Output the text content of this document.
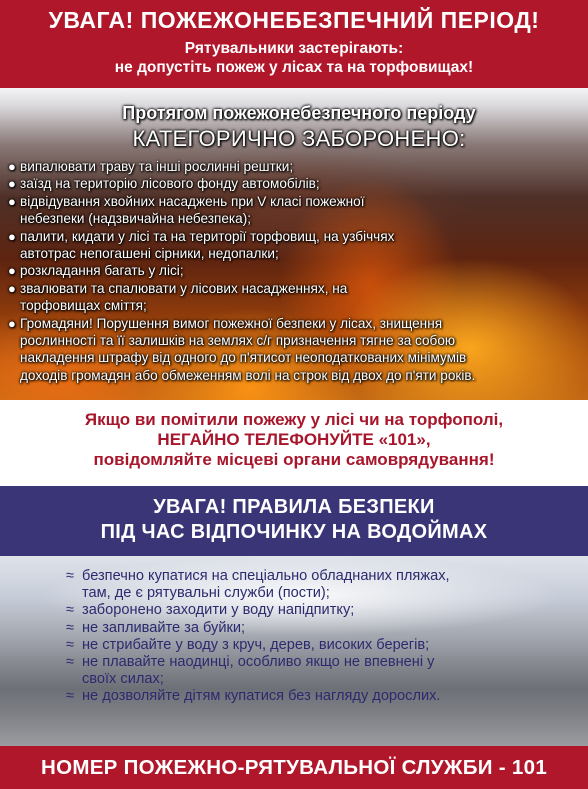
УВАГА! ПОЖЕЖОНЕБЕЗПЕЧНИЙ ПЕРІОД!
Рятувальники застерігають:
не допустіть пожеж у лісах та на торфовищах!
Протягом пожежонебезпечного періоду
КАТЕГОРИЧНО ЗАБОРОНЕНО:
● випалювати траву та інші рослинні рештки;
● заїзд на територію лісового фонду автомобілів;
● відвідування хвойних насаджень при V класі пожежної
небезпеки (надзвичайна небезпека);
● палити, кидати у лісі та на території торфовищ, на узбіччях
автотрас непогашені сірники, недопалки;
● розкладання багать у лісі;
● звалювати та спалювати у лісових насадженнях, на
торфовищах сміття;
● Громадяни! Порушення вимог пожежної безпеки у лісах, знищення
рослинності та її залишків на землях с/г призначення тягне за собою
накладення штрафу від одного до п'ятисот неоподаткованих мінімумів
доходів громадян або обмеженням волі на строк від двох до п'яти років.
Якщо ви помітили пожежу у лісі чи на торфополі,
НЕГАЙНО ТЕЛЕФОНУЙТЕ «101»,
повідомляйте місцеві органи самоврядування!
УВАГА! ПРАВИЛА БЕЗПЕКИ
ПІД ЧАС ВІДПОЧИНКУ НА ВОДОЙМАХ
≈ безпечно купатися на спеціально обладнаних пляжах,
там, де є рятувальні служби (пости);
≈ заборонено заходити у воду напідпитку;
≈ не запливайте за буйки;
≈ не стрибайте у воду з круч, дерев, високих берегів;
≈ не плавайте наодинці, особливо якщо не впевнені у
своїх силах;
≈ не дозволяйте дітям купатися без нагляду дорослих.
НОМЕР ПОЖЕЖНО-РЯТУВАЛЬНОЇ СЛУЖБИ - 101
